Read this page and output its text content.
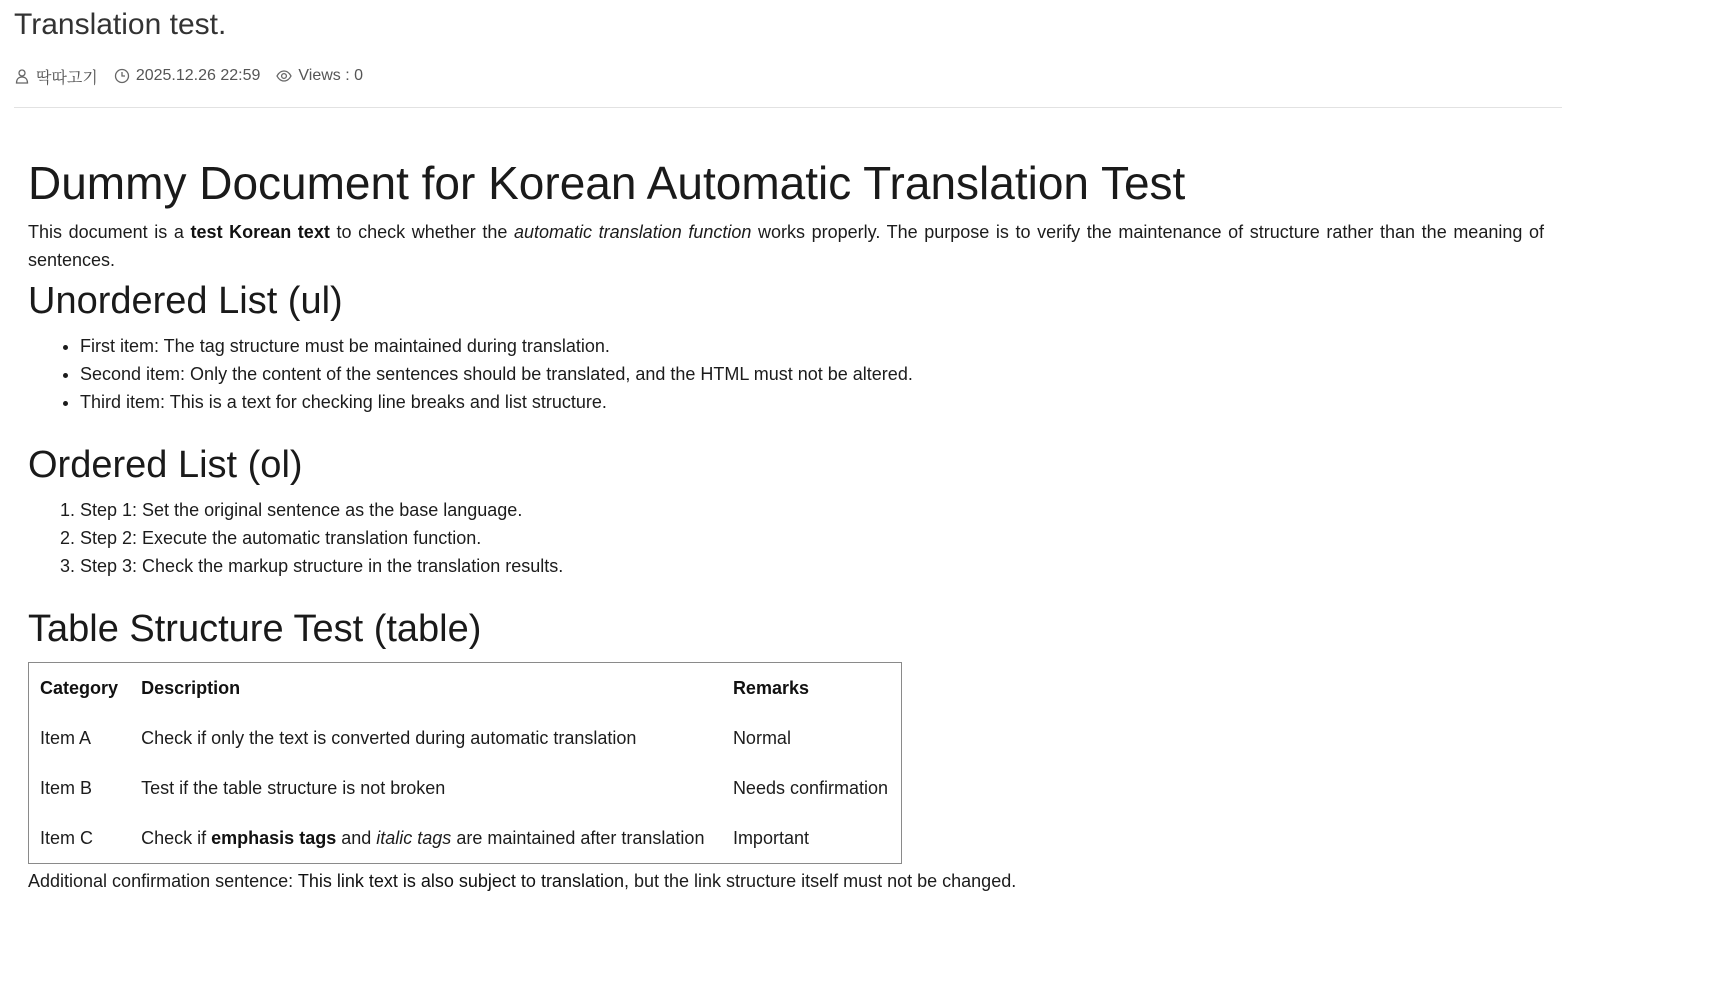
Translation test.
딱따고기 2025.12.26 22:59 Views : 0
Dummy Document for Korean Automatic Translation Test

This document is a test Korean text to check whether the automatic translation function works properly. The purpose is to verify the maintenance of structure rather than the meaning of sentences.

Unordered List (ul)
• First item: The tag structure must be maintained during translation.
• Second item: Only the content of the sentences should be translated, and the HTML must not be altered.
• Third item: This is a text for checking line breaks and list structure.
Ordered List (ol)
1. Step 1: Set the original sentence as the base language.
2. Step 2: Execute the automatic translation function.
3. Step 3: Check the markup structure in the translation results.
Table Structure Test (table)
Category	Description	Remarks
Item A	Check if only the text is converted during automatic translation	Normal
Item B	Test if the table structure is not broken	Needs confirmation
Item C	Check if emphasis tags and italic tags are maintained after translation	Important

Additional confirmation sentence: This link text is also subject to translation, but the link structure itself must not be changed.
